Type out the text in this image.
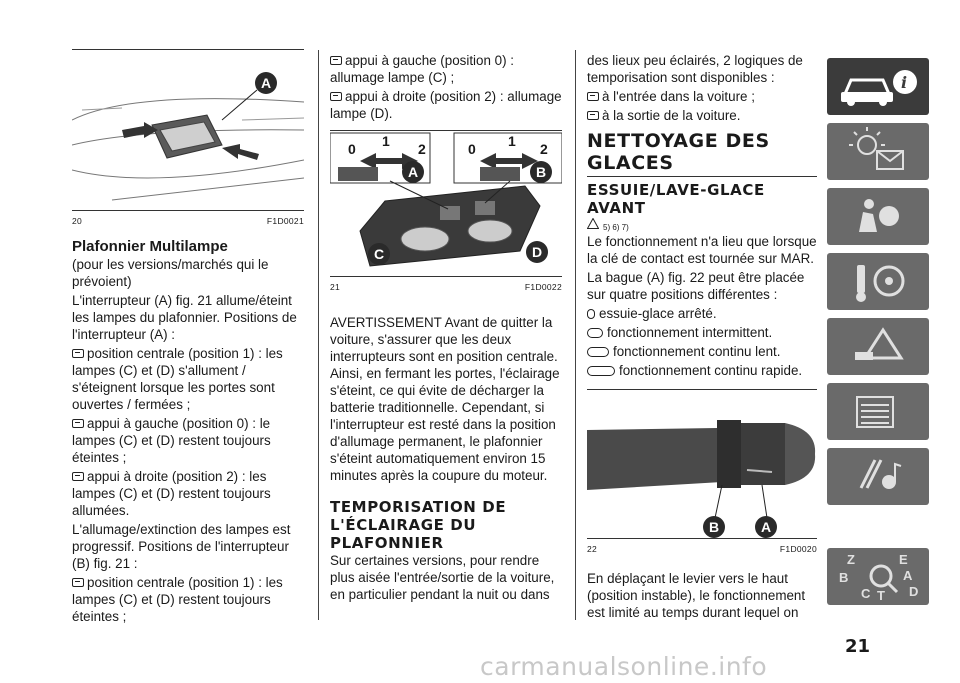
A
20	F1D0021
Plafonnier Multilampe

(pour les versions/marchés qui le prévoient)

L'interrupteur (A) fig. 21 allume/éteint les lampes du plafonnier. Positions de l'interrupteur (A) :

position centrale (position 1) : les lampes (C) et (D) s'allument / s'éteignent lorsque les portes sont ouvertes / fermées ;

appui à gauche (position 0) : le lampes (C) et (D) restent toujours éteintes ;

appui à droite (position 2) : les lampes (C) et (D) restent toujours allumées.

L'allumage/extinction des lampes est progressif. Positions de l'interrupteur (B) fig. 21 :

position centrale (position 1) : les lampes (C) et (D) restent toujours éteintes ;

appui à gauche (position 0) : allumage lampe (C) ;

appui à droite (position 2) : allumage lampe (D).

0 1 2	0 1 2
A	B
C	D
21	F1D0022

AVERTISSEMENT Avant de quitter la voiture, s'assurer que les deux interrupteurs sont en position centrale. Ainsi, en fermant les portes, l'éclairage s'éteint, ce qui évite de décharger la batterie traditionnelle. Cependant, si l'interrupteur est resté dans la position d'allumage permanent, le plafonnier s'éteint automatiquement environ 15 minutes après la coupure du moteur.

TEMPORISATION DE L'ÉCLAIRAGE DU PLAFONNIER

Sur certaines versions, pour rendre plus aisée l'entrée/sortie de la voiture, en particulier pendant la nuit ou dans

des lieux peu éclairés, 2 logiques de temporisation sont disponibles :

à l'entrée dans la voiture ;

à la sortie de la voiture.

NETTOYAGE DES GLACES
ESSUIE/LAVE-GLACE AVANT
5) 6) 7)

Le fonctionnement n'a lieu que lorsque la clé de contact est tournée sur MAR.

La bague (A) fig. 22 peut être placée sur quatre positions différentes :

essuie-glace arrêté.

fonctionnement intermittent.

fonctionnement continu lent.

fonctionnement continu rapide.

B	A
22	F1D0020

En déplaçant le levier vers le haut (position instable), le fonctionnement est limité au temps durant lequel on

i
Z	E
B	A
C	D
T
21
carmanualsonline.info
